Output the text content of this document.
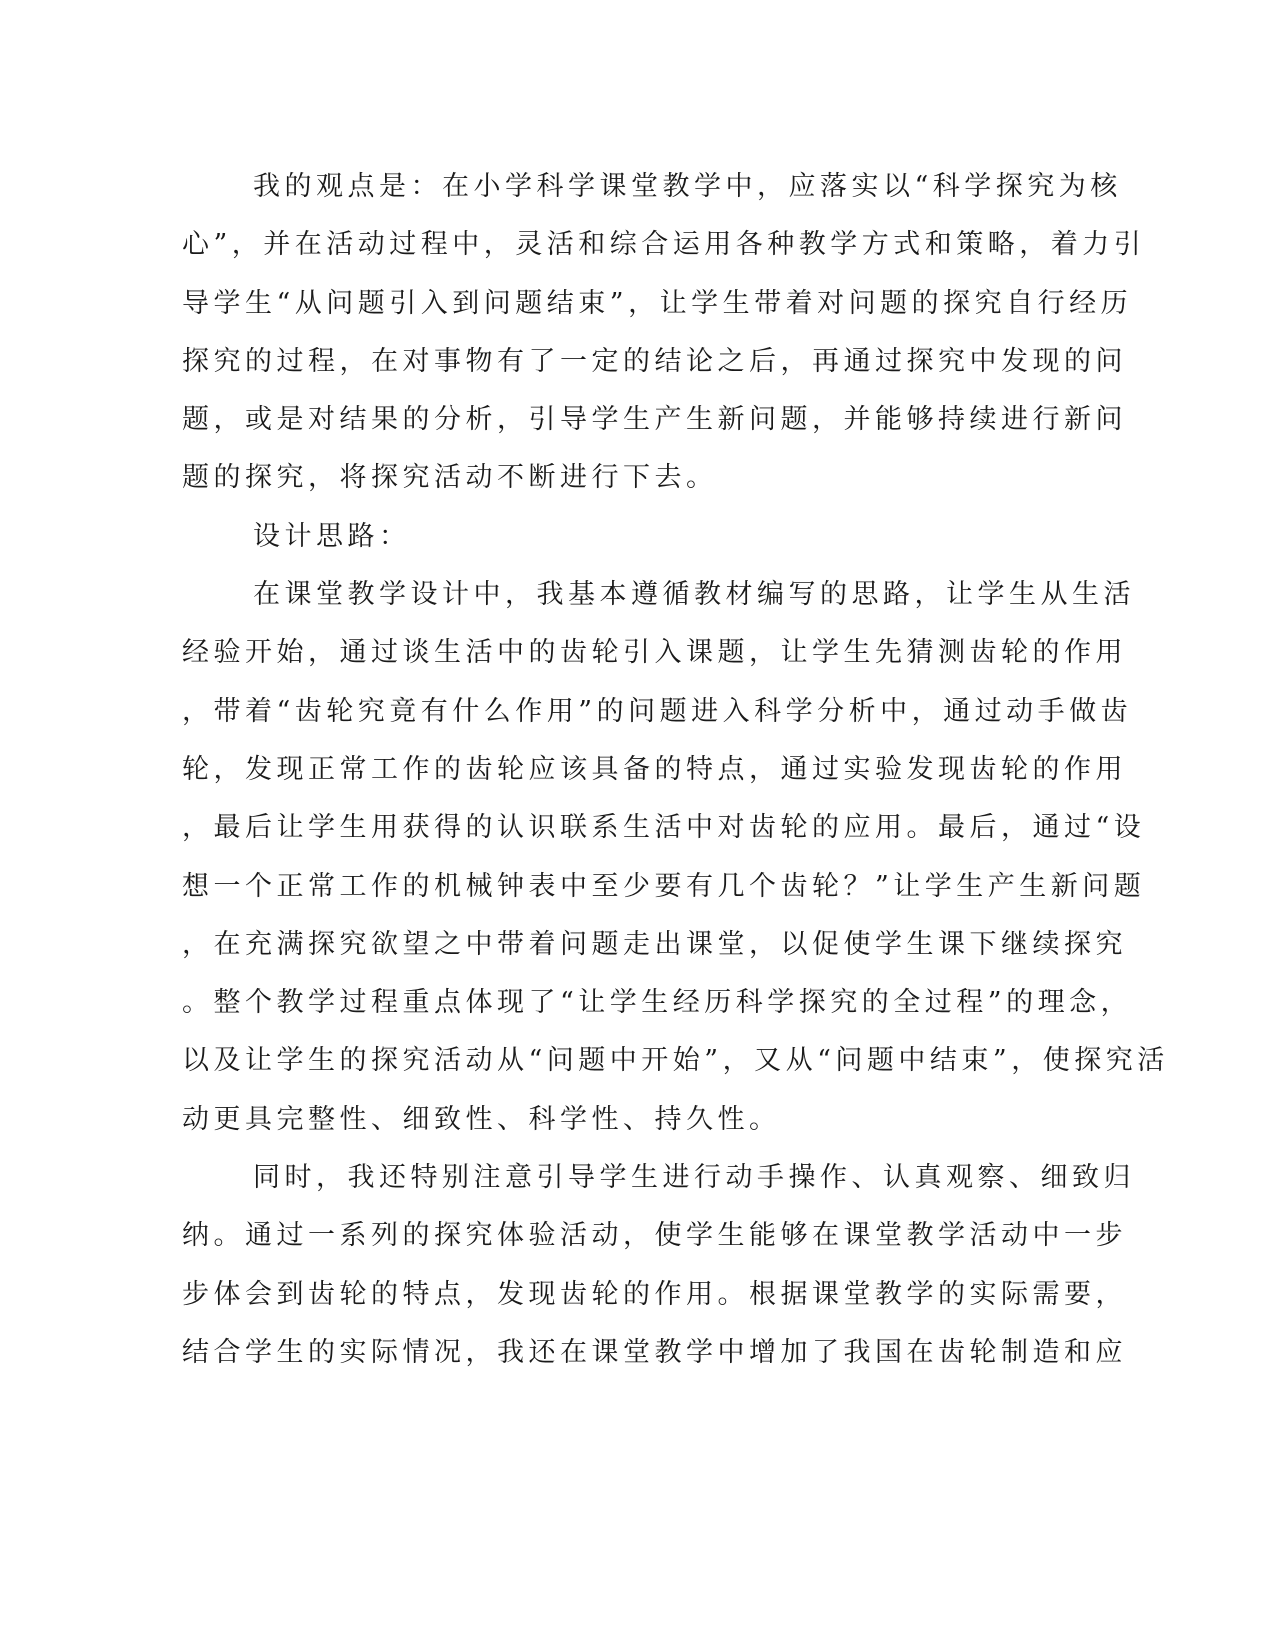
我的观点是：在小学科学课堂教学中，应落实以“科学探究为核

心”，并在活动过程中，灵活和综合运用各种教学方式和策略，着力引

导学生“从问题引入到问题结束”，让学生带着对问题的探究自行经历

探究的过程，在对事物有了一定的结论之后，再通过探究中发现的问

题，或是对结果的分析，引导学生产生新问题，并能够持续进行新问

题的探究，将探究活动不断进行下去。

设计思路：

在课堂教学设计中，我基本遵循教材编写的思路，让学生从生活

经验开始，通过谈生活中的齿轮引入课题，让学生先猜测齿轮的作用

，带着“齿轮究竟有什么作用”的问题进入科学分析中，通过动手做齿

轮，发现正常工作的齿轮应该具备的特点，通过实验发现齿轮的作用

，最后让学生用获得的认识联系生活中对齿轮的应用。最后，通过“设

想一个正常工作的机械钟表中至少要有几个齿轮？”让学生产生新问题

，在充满探究欲望之中带着问题走出课堂，以促使学生课下继续探究

。整个教学过程重点体现了“让学生经历科学探究的全过程”的理念，

以及让学生的探究活动从“问题中开始”，又从“问题中结束”，使探究活

动更具完整性、细致性、科学性、持久性。

同时，我还特别注意引导学生进行动手操作、认真观察、细致归

纳。通过一系列的探究体验活动，使学生能够在课堂教学活动中一步

步体会到齿轮的特点，发现齿轮的作用。根据课堂教学的实际需要，

结合学生的实际情况，我还在课堂教学中增加了我国在齿轮制造和应
